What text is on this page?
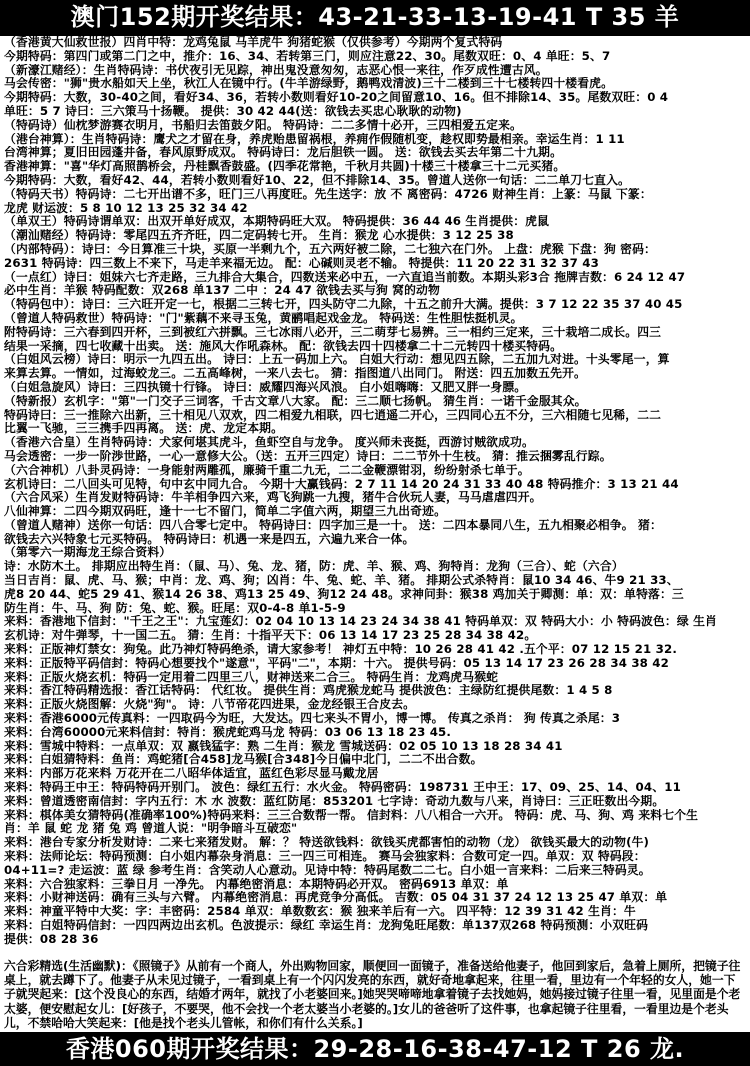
澳门152期开奖结果：43-21-33-13-19-41 T 35 羊
（香港黄大仙救世报）四肖中特：龙鸡兔鼠 马羊虎牛 狗猪蛇猴（仅供参考）今期两个复式特码
今期特码：第四门或第二门之中，推介：16、34、若转第三门，则应注意22、30。尾数双旺：0、4 单旺：5、7
（新濠江赌经）：生肖特码诗：书伏夜引无见踪，神出鬼没意匆匆，志恶心恨一来往，作歹成性遭古风。
马会传密："狮"贵水船如天上坐，秋江人在镜中行。(牛羊游绿野，鹅鸭戏清波)三十二楼到三十七楼转四十楼看虎。
今期特码：大数，30-40之间，看好34、36，若转小数则看好10-20之间留意10、16。但不排除14、35。尾数双旺：0 4
单旺：5 7 诗曰：三六策马十扬鞭。 提供：30 42 44(送：欲钱去买忠心耿耿的动物)
（特码诗）仙枕梦游赛衣明月，书船归去笛鼓夕阳。 特码诗：二二多情十必开，三四相爱五定来。
（港台神算）：生肖特码诗：鹰犬之才留在身，养虎贻患留祸根，养痈作假随机变，趁权即势最相亲。幸运生肖：1 11
台湾神算；夏旧田园蓬井备，春风原野成双。 特码诗曰：龙后胆铁一圆。 送：欲钱去买去年第二十九期。
香港神算："喜"华灯高照鹊桥会，丹桂飘香鼓盛。(四季花常艳，千秋月共圆)十楼三十楼拿三十二元买猪。
今期特码：大数，看好42、44，若转小数则看好10、22，但不排除14、35。曾道人送你一句话：二二单刀七直入。
（特码天书）特码诗：二七开出谱不多，旺门三八再度旺。先生送字：放 不 离密码：4726 财神生肖：上篆：马鼠 下篆：
龙虎 财运波：5 8 10 12 13 25 32 34 42
（单双王）特码诗谓单双：出双开单好成双，本期特码旺大双。 特码提供：36 44 46 生肖提供：虎鼠
（潮汕赌经）特码诗：零尾四五齐齐旺，四二定码转七开。 生肖：猴龙 心水提供：3 12 25 38
（内部特码）：诗曰：今日算准三十块，买原一半剩九个，五六两好被二除，二七独六在门外。 上盘：虎猴 下盘：狗 密码：
2631 特码诗：四三数上不来下，马走羊来福无边。 配：心碱则灵老不输。 特提供：11 20 22 31 32 37 43
（一点红）诗曰：姐妹六七齐走路，三九排合大集合，四数送来必中五，一六直追当前数。本期头彩3合 拖牌吉数：6 24 12 47
必中生肖：羊猴 特码配数：双268 单137 二中 ：24 47 欲钱去买与狗 窝的动物
（特码包中）：诗曰：三六旺开定一七，根据二三转七开，四头防守二九除，十五之前升大满。提供：3 7 12 22 35 37 40 45
（曾道人特码救世）特码诗："门"紫藕不来寻玉兔，黄鹂唱起戏金龙。 特码送：生性胆怯挺机灵。
附特码诗：三六春到四开杯，三到被红六拼飘。三七冰雨八必开，三二萌芽七易辨。三一相约三定来，三十栽培二成长。四三
结果一采摘，四七收藏十出卖。 送：施风大作吼森林。 配：欲钱去四十四楼拿二十二元转四十楼买特码。
（白姐风云榜）诗曰：明示一九四五出。 诗曰：上五一码加上六。 白姐大行动：想见四五除，二五加九对进。十头零尾一，算
来算去算。一情如，过海蛟龙三。二五高峰树，一来八去七。 猜：指图道八出同门。 附送：四五加数五先开。
（白姐急旋风）诗曰：三四执镜十行锋。 诗曰：威耀四海兴风浪。 白小姐嗨嗨：又肥又胖一身膘。
（特新报）玄机字："第"一门交子三词客，千古文章八大家。 配：三二顺七扬帆。 猜生肖：一诺千金服其众。
特码诗曰：三一推除六出新，三十相见八双欢，四二相爱九相联，四七逍遥二开心，三四同心五不分，三六相随七见稀，二二
比翼一飞驰，三三携手四再离。 送：虎、龙定本期。
（香港六合皇）生肖特码诗：犬家何堪其虎斗，鱼虾空自与龙争。 度兴师未丧挺，西游讨贼欲成功。
马会透密：一步一阶渉世路，一心一意修大公。（送：五开三四定）诗曰：二二节外十生枝。 猜：推云捆雾乱行踪。
（六合神机）八卦灵码诗：一身能射两雕孤，廉骑千重二九无，二二金鞭漂钳羽，纷纷射杀七单于。
玄机诗曰：二八回头可见特，句中玄中同九合。 今期十大赢钱码：2 7 11 14 20 24 31 33 40 48 特码推介：3 13 21 44
（六合风采）生肖发财特码诗：牛羊相争四六来，鸡飞狗跳一九搜，猪牛合伙玩人妻，马马虐虐四开。
八仙神算：二四今期双码旺，逢十一七不留门，简单二字值六两，期望三九出奇迹。
（曾道人赌神）送你一句话：四八合零七定中。 特码诗曰：四字加三是一十。 送：二四本暴同八生，五九相聚必相争。 猪：
欲钱去六兴特象七元买特码。 特码诗曰：机遇一来是四五，六遍九来合一体。
（第零六一期海龙王综合资料）
诗：水防木土。 排期应出特生肖：（鼠、马）、兔、龙、猪，防：虎、羊、猴、鸡、狗特肖：龙狗（三合）、蛇（六合）
当日吉肖：鼠、虎、马、猴；中肖：龙、鸡、狗；凶肖：牛、兔、蛇、羊、猪。 排期公式杀特肖：鼠10 34 46、牛9 21 33、
虎8 20 44、蛇5 29 41、猴14 26 38、鸡13 25 49、狗12 24 48。求神问卦：猴38 鸡加关于卿测：单：双：单特落：三
防生肖：牛、马、狗 防：兔、蛇、猴。旺尾：双0-4-8 单1-5-9
来料：香港地下信封："千王之王"：九宝莲幻：02 04 10 13 14 23 24 34 38 41 特码单双：双 特码大小：小 特码波色：绿 生肖
玄机诗：对牛弹琴，十一国二五。 猜：生肖：十指平天下：06 13 14 17 23 25 28 34 38 42。
来料：正版神灯禁女：狗兔。此乃神灯特码绝杀，请大家参考！ 神灯五中特：10 26 28 41 42 .五个平：07 12 15 21 32.
来料：正版特平码信封：特码心想要找个"遂意"，平码"二"，本期：十六。 提供号码：05 13 14 17 23 26 28 34 38 42
来料：正版火烧玄机：特码一定用着二四里三八，财神送来二合三。 特码生肖：龙鸡虎马猴蛇
来料：香江特码精选报：香江话特码： 代红妆。 提供生肖：鸡虎猴龙蛇马 提供波色：主绿防红提供尾数：1 4 5 8
来料：正版火烧图解：火烧"狗"。 诗：八节帝花四进果，金龙经银王合皮去。
来料：香港6000元传真料：一四取码今为旺，大发达。四七来头不胃小，博一博。 传真之杀肖： 狗 传真之杀尾：3
来料：台湾60000元来料信封：特肖：猴虎蛇鸡马龙 特码：03 06 13 18 23 45.
来料：雪城中特料：一点单双：双 嬴钱猛字：熟 二生肖：猴龙 雪城送码：02 05 10 13 18 28 34 41
来料：白姐猜特料：鱼肖：鸡蛇猪[合458]龙马猴[合348]今日偏中北门，二二不出合数。
来料：内部万花来料 万花开在二八昭华体适宜，蓝红色彩尽显马戴龙居
来料：特码王中王：特码特码开别门。 波色：绿红五行：水火金。 特码密码：198731 王中王：17、09、25、14、04、11
来料：曾道透密南信封：字内五行：木 水 波数：蓝红防尾：853201 七字诗：奇动九数与八来，肖诗曰：三正旺数出今期。
来料：棋体美女猜特码(准确率100%)特码来料：三三合数帮一帮。 信封料：八八相合一六开。 特码：虎、马、狗、鸡 来料七个生
肖：羊 鼠 蛇 龙 猪 兔 鸡 曾道人说："明争暗斗互破恋"
来料：港台专家分析发财诗：二来七来猪发财。 解：？ 特送欲钱料：欲钱买虎都害怕的动物（龙） 欲钱买最大的动物(牛)
来料：法师论坛：特码预测：白小姐内幕杂身消息：三一四三可相连。 赛马会独家料：合数可定一四。单双：双 特码段：
04+11=? 走运波：蓝 绿 参考生肖：含笑动人心意动。见诗中特：特码尾数二二七。白小姐一言来料：二后来三特码灵。
来料：六合独家料：三拳日月 一净先。 内幕绝密消息：本期特码必开双。 密码6913 单双：单
来料：小财神送码：确有三头与六臂。 内幕绝密消息：再虎竞争分高低。 吉数：05 04 31 37 24 12 13 25 47 单双：单
来料：神童平特中大奖：字：丰密码：2584 单双：单数数玄：猴 独来羊后有一六。 四平特：12 39 31 42 生肖：牛
来料：白姐特码信封：一四四两边出玄机。色波提示：绿红 幸运生肖：龙狗兔旺尾数：单137双268 特码预测：小双旺码
提供：08 28 36
六合彩精选(生活幽默)：《照镜子》从前有一个商人，外出购物回家，顺便回一面镜子，准备送给他妻子，他回到家后，急着上厕所，把镜子往桌上，就去蹲下了。他妻子从未见过镜子，一看到桌上有一个闪闪发亮的东西，就好奇地拿起来，往里一看，里边有一个年轻的女人，她一下子就哭起来：[这个没良心的东西，结婚才两年，就找了小老婆回来。]她哭哭啼啼地拿着镜子去找她妈，她妈接过镜子往里一看，见里面是个老太婆，便安慰起女儿：[好孩子，不要哭，他不会找一个老太婆当小老婆的。]女儿的爸爸听了这件事，也拿起镜子往里看，一看里边是个老头儿，不禁哈哈大笑起来：[他是找个老头儿管帐，和你们有什么关系。]
香港060期开奖结果：29-28-16-38-47-12 T 26 龙.
